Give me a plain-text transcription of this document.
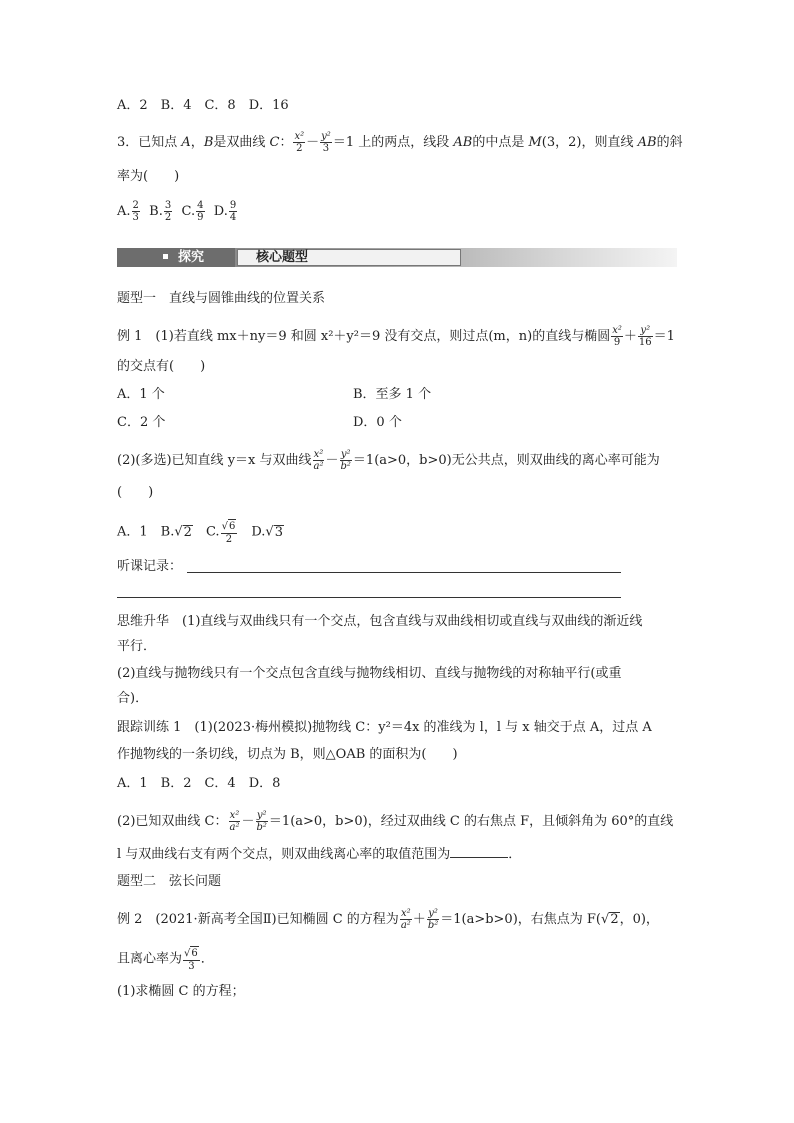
A．2　B．4　C．8　D．16
3．已知点 A，B是双曲线 C： $\frac{\text{x²}}{2} - \frac{\text{y²}}{3} =1$ 上的两点，线段 AB的中点是 M(3，2)，则直线 AB的斜
率为(　　)
A. $\frac{2}{3} B$. $\frac{3}{2} C$. $\frac{4}{9} D$. $\frac{9}{4}$
探究	核心题型
题型一　直线与圆锥曲线的位置关系
例 1　(1)若直线 mx＋ny＝9 和圆 x²＋y²＝9 没有交点，则过点(m，n)的直线与椭圆 $\frac{\text{x²}}{9} + \frac{\text{y²}}{16} =1$
的交点有(　　)
A．1 个	B．至多 1 个
C．2 个	D．0 个
(2)(多选)已知直线 y＝x 与双曲线 $\frac{\text{x²}}{\text{a²}} - \frac{\text{y²}}{\text{b²}} =1(a>0$，b>0)无公共点，则双曲线的离心率可能为
(　　)
A．1　B.√2　C. $\frac{√6}{2}$ 　D.√3
听课记录：
思维升华　(1)直线与双曲线只有一个交点，包含直线与双曲线相切或直线与双曲线的渐近线
平行．
(2)直线与抛物线只有一个交点包含直线与抛物线相切、直线与抛物线的对称轴平行(或重
合)．
跟踪训练 1　(1)(2023·梅州模拟)抛物线 C：y²＝4x 的准线为 l，l 与 x 轴交于点 A，过点 A
作抛物线的一条切线，切点为 B，则△OAB 的面积为(　　)
A．1　B．2　C．4　D．8
(2)已知双曲线 C： $\frac{\text{x²}}{\text{a²}} - \frac{\text{y²}}{\text{b²}} =1(a>0$，b>0)，经过双曲线 C 的右焦点 F，且倾斜角为 60°的直线
l 与双曲线右支有两个交点，则双曲线离心率的取值范围为	．
题型二　弦长问题
例 2　(2021·新高考全国Ⅱ)已知椭圆 C 的方程为 $\frac{\text{x²}}{\text{a²}} + \frac{\text{y²}}{\text{b²}} =1(a>b>0)$，右焦点为 F(√2，0)，
且离心率为 $\frac{√6}{3}$ ．
(1)求椭圆 C 的方程；
